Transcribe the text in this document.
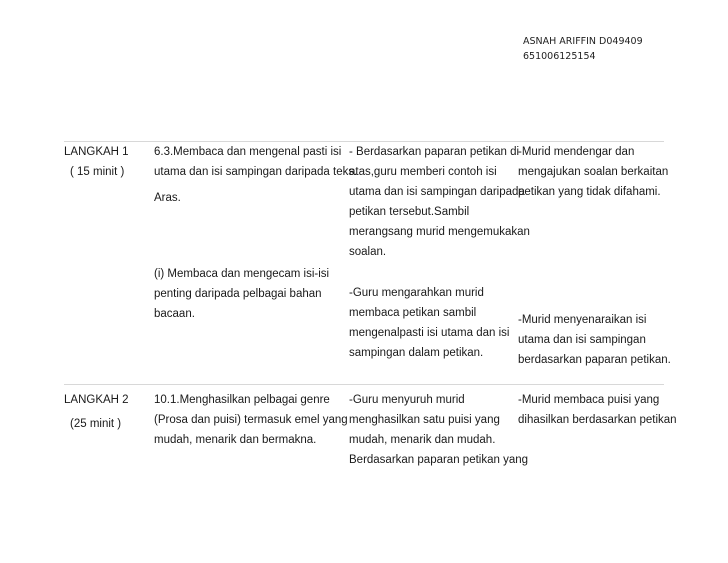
ASNAH ARIFFIN D049409
651006125154
LANGKAH 1
( 15 minit )
6.3.Membaca dan mengenal pasti isi
utama dan isi sampingan daripada teks.
Aras.
(i) Membaca dan mengecam isi-isi
penting daripada pelbagai bahan
bacaan.
- Berdasarkan paparan petikan di
atas,guru memberi contoh isi
utama dan isi sampingan daripada
petikan tersebut.Sambil
merangsang murid mengemukakan
soalan.
-Guru mengarahkan murid
membaca petikan sambil
mengenalpasti isi utama dan isi
sampingan dalam petikan.
-Murid mendengar dan
mengajukan soalan berkaitan
petikan yang tidak difahami.
-Murid menyenaraikan isi
utama dan isi sampingan
berdasarkan paparan petikan.
LANGKAH 2
(25 minit )
10.1.Menghasilkan pelbagai genre
(Prosa dan puisi) termasuk emel yang
mudah, menarik dan bermakna.
-Guru menyuruh murid
menghasilkan satu puisi yang
mudah, menarik dan mudah.
Berdasarkan paparan petikan yang
-Murid membaca puisi yang
dihasilkan berdasarkan petikan
